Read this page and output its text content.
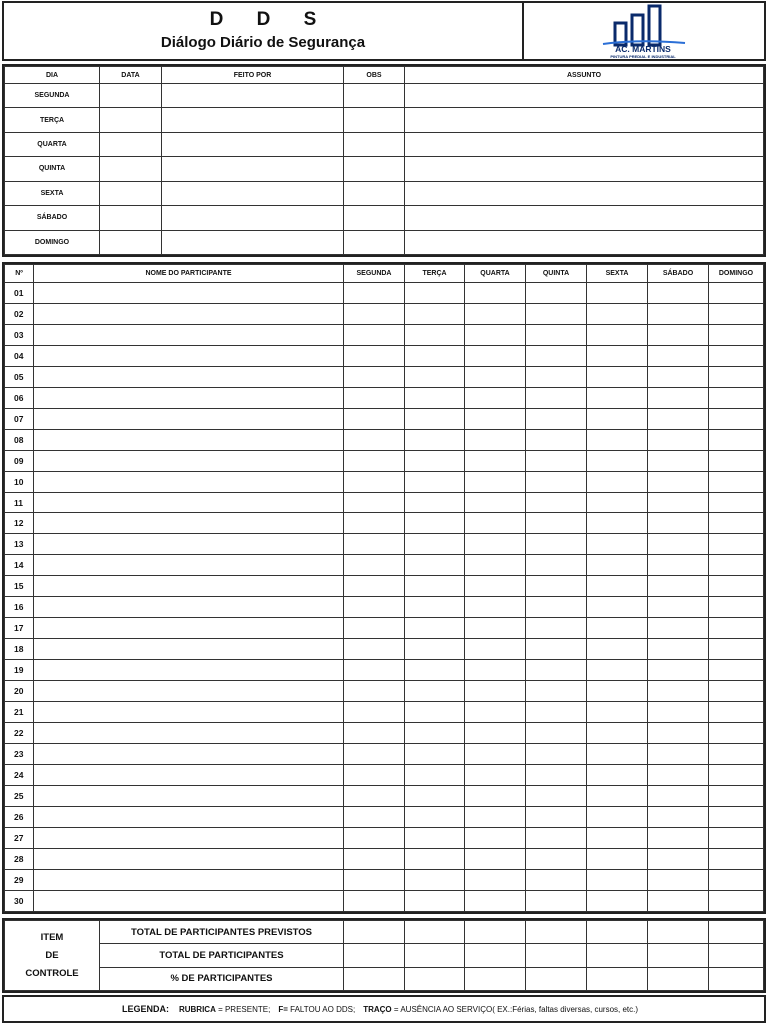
D D S
Diálogo Diário de Segurança	AC. MARTINS
PINTURA PREDIAL E INDUSTRIAL
DIA	DATA	FEITO POR	OBS	ASSUNTO
SEGUNDA				
TERÇA				
QUARTA				
QUINTA				
SEXTA				
SÁBADO				
DOMINGO				
Nº	NOME DO PARTICIPANTE	SEGUNDA	TERÇA	QUARTA	QUINTA	SEXTA	SÁBADO	DOMINGO
01								
02								
03								
04								
05								
06								
07								
08								
09								
10								
11								
12								
13								
14								
15								
16								
17								
18								
19								
20								
21								
22								
23								
24								
25								
26								
27								
28								
29								
30								
ITEM
DE
CONTROLE	TOTAL DE PARTICIPANTES PREVISTOS							
	TOTAL DE PARTICIPANTES							
	% DE PARTICIPANTES							
LEGENDA: RUBRICA = PRESENTE; F= FALTOU AO DDS; TRAÇO = AUSÊNCIA AO SERVIÇO( EX.:Férias, faltas diversas, cursos, etc.)
